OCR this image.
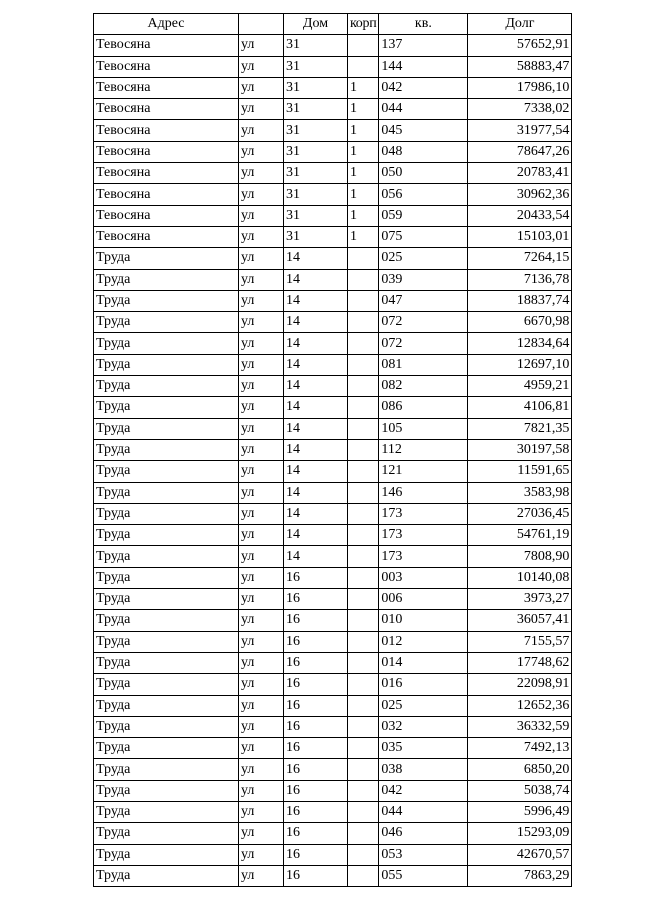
Адрес		Дом	корп	кв.	Долг
Тевосяна	ул	31		137	57652,91
Тевосяна	ул	31		144	58883,47
Тевосяна	ул	31	1	042	17986,10
Тевосяна	ул	31	1	044	7338,02
Тевосяна	ул	31	1	045	31977,54
Тевосяна	ул	31	1	048	78647,26
Тевосяна	ул	31	1	050	20783,41
Тевосяна	ул	31	1	056	30962,36
Тевосяна	ул	31	1	059	20433,54
Тевосяна	ул	31	1	075	15103,01
Труда	ул	14		025	7264,15
Труда	ул	14		039	7136,78
Труда	ул	14		047	18837,74
Труда	ул	14		072	6670,98
Труда	ул	14		072	12834,64
Труда	ул	14		081	12697,10
Труда	ул	14		082	4959,21
Труда	ул	14		086	4106,81
Труда	ул	14		105	7821,35
Труда	ул	14		112	30197,58
Труда	ул	14		121	11591,65
Труда	ул	14		146	3583,98
Труда	ул	14		173	27036,45
Труда	ул	14		173	54761,19
Труда	ул	14		173	7808,90
Труда	ул	16		003	10140,08
Труда	ул	16		006	3973,27
Труда	ул	16		010	36057,41
Труда	ул	16		012	7155,57
Труда	ул	16		014	17748,62
Труда	ул	16		016	22098,91
Труда	ул	16		025	12652,36
Труда	ул	16		032	36332,59
Труда	ул	16		035	7492,13
Труда	ул	16		038	6850,20
Труда	ул	16		042	5038,74
Труда	ул	16		044	5996,49
Труда	ул	16		046	15293,09
Труда	ул	16		053	42670,57
Труда	ул	16		055	7863,29
